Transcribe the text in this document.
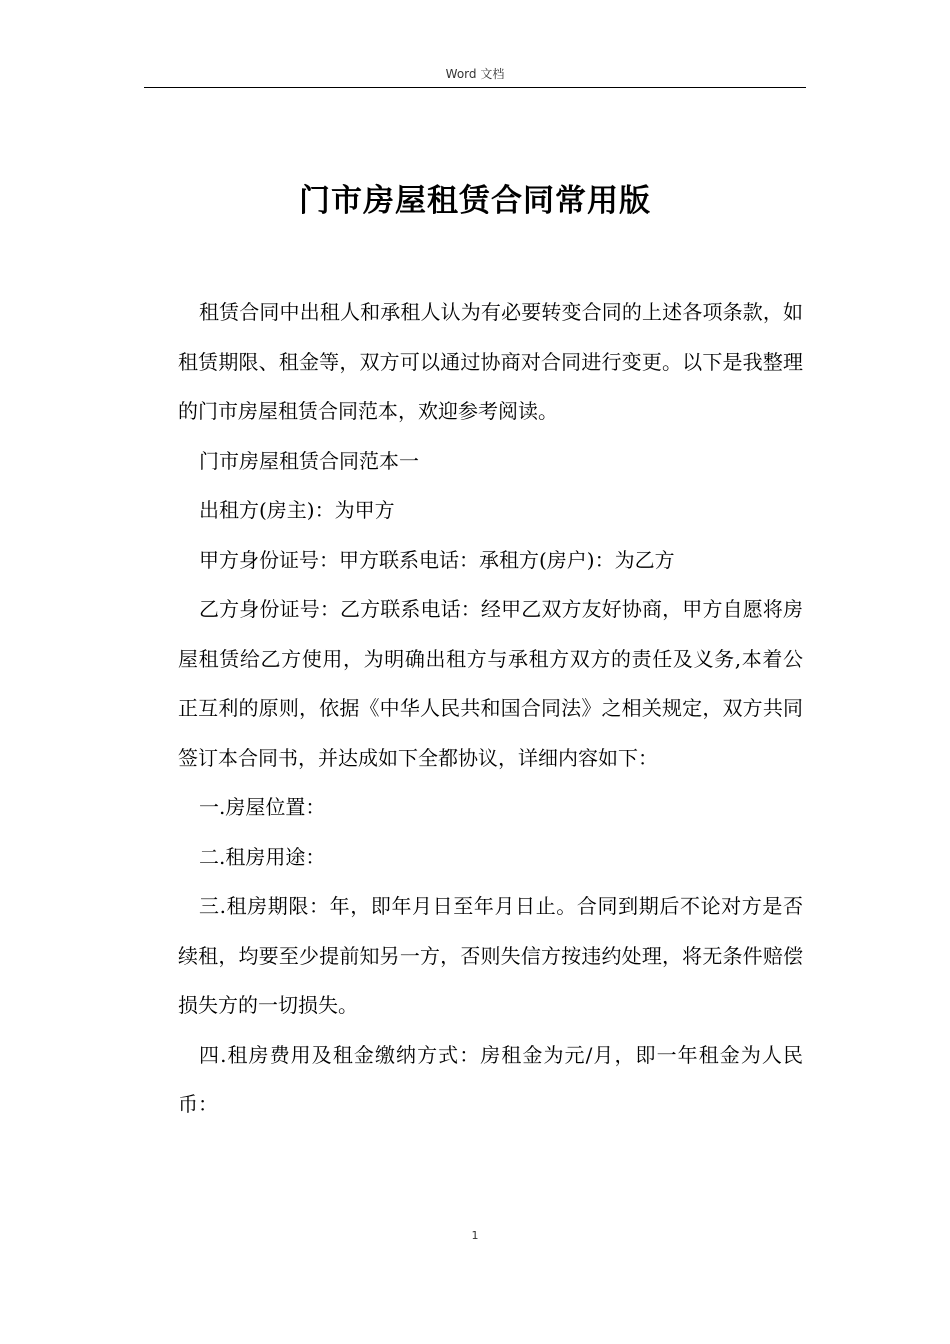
Word 文档
门市房屋租赁合同常用版

租赁合同中出租人和承租人认为有必要转变合同的上述各项条款，如租赁期限、租金等，双方可以通过协商对合同进行变更。以下是我整理的门市房屋租赁合同范本，欢迎参考阅读。

门市房屋租赁合同范本一

出租方(房主)：为甲方

甲方身份证号：甲方联系电话：承租方(房户)：为乙方

乙方身份证号：乙方联系电话：经甲乙双方友好协商，甲方自愿将房屋租赁给乙方使用，为明确出租方与承租方双方的责任及义务,本着公正互利的原则，依据《中华人民共和国合同法》之相关规定，双方共同签订本合同书，并达成如下全都协议，详细内容如下：

一.房屋位置：

二.租房用途：

三.租房期限：年，即年月日至年月日止。合同到期后不论对方是否续租，均要至少提前知另一方，否则失信方按违约处理，将无条件赔偿损失方的一切损失。

四.租房费用及租金缴纳方式：房租金为元/月，即一年租金为人民币：

1
